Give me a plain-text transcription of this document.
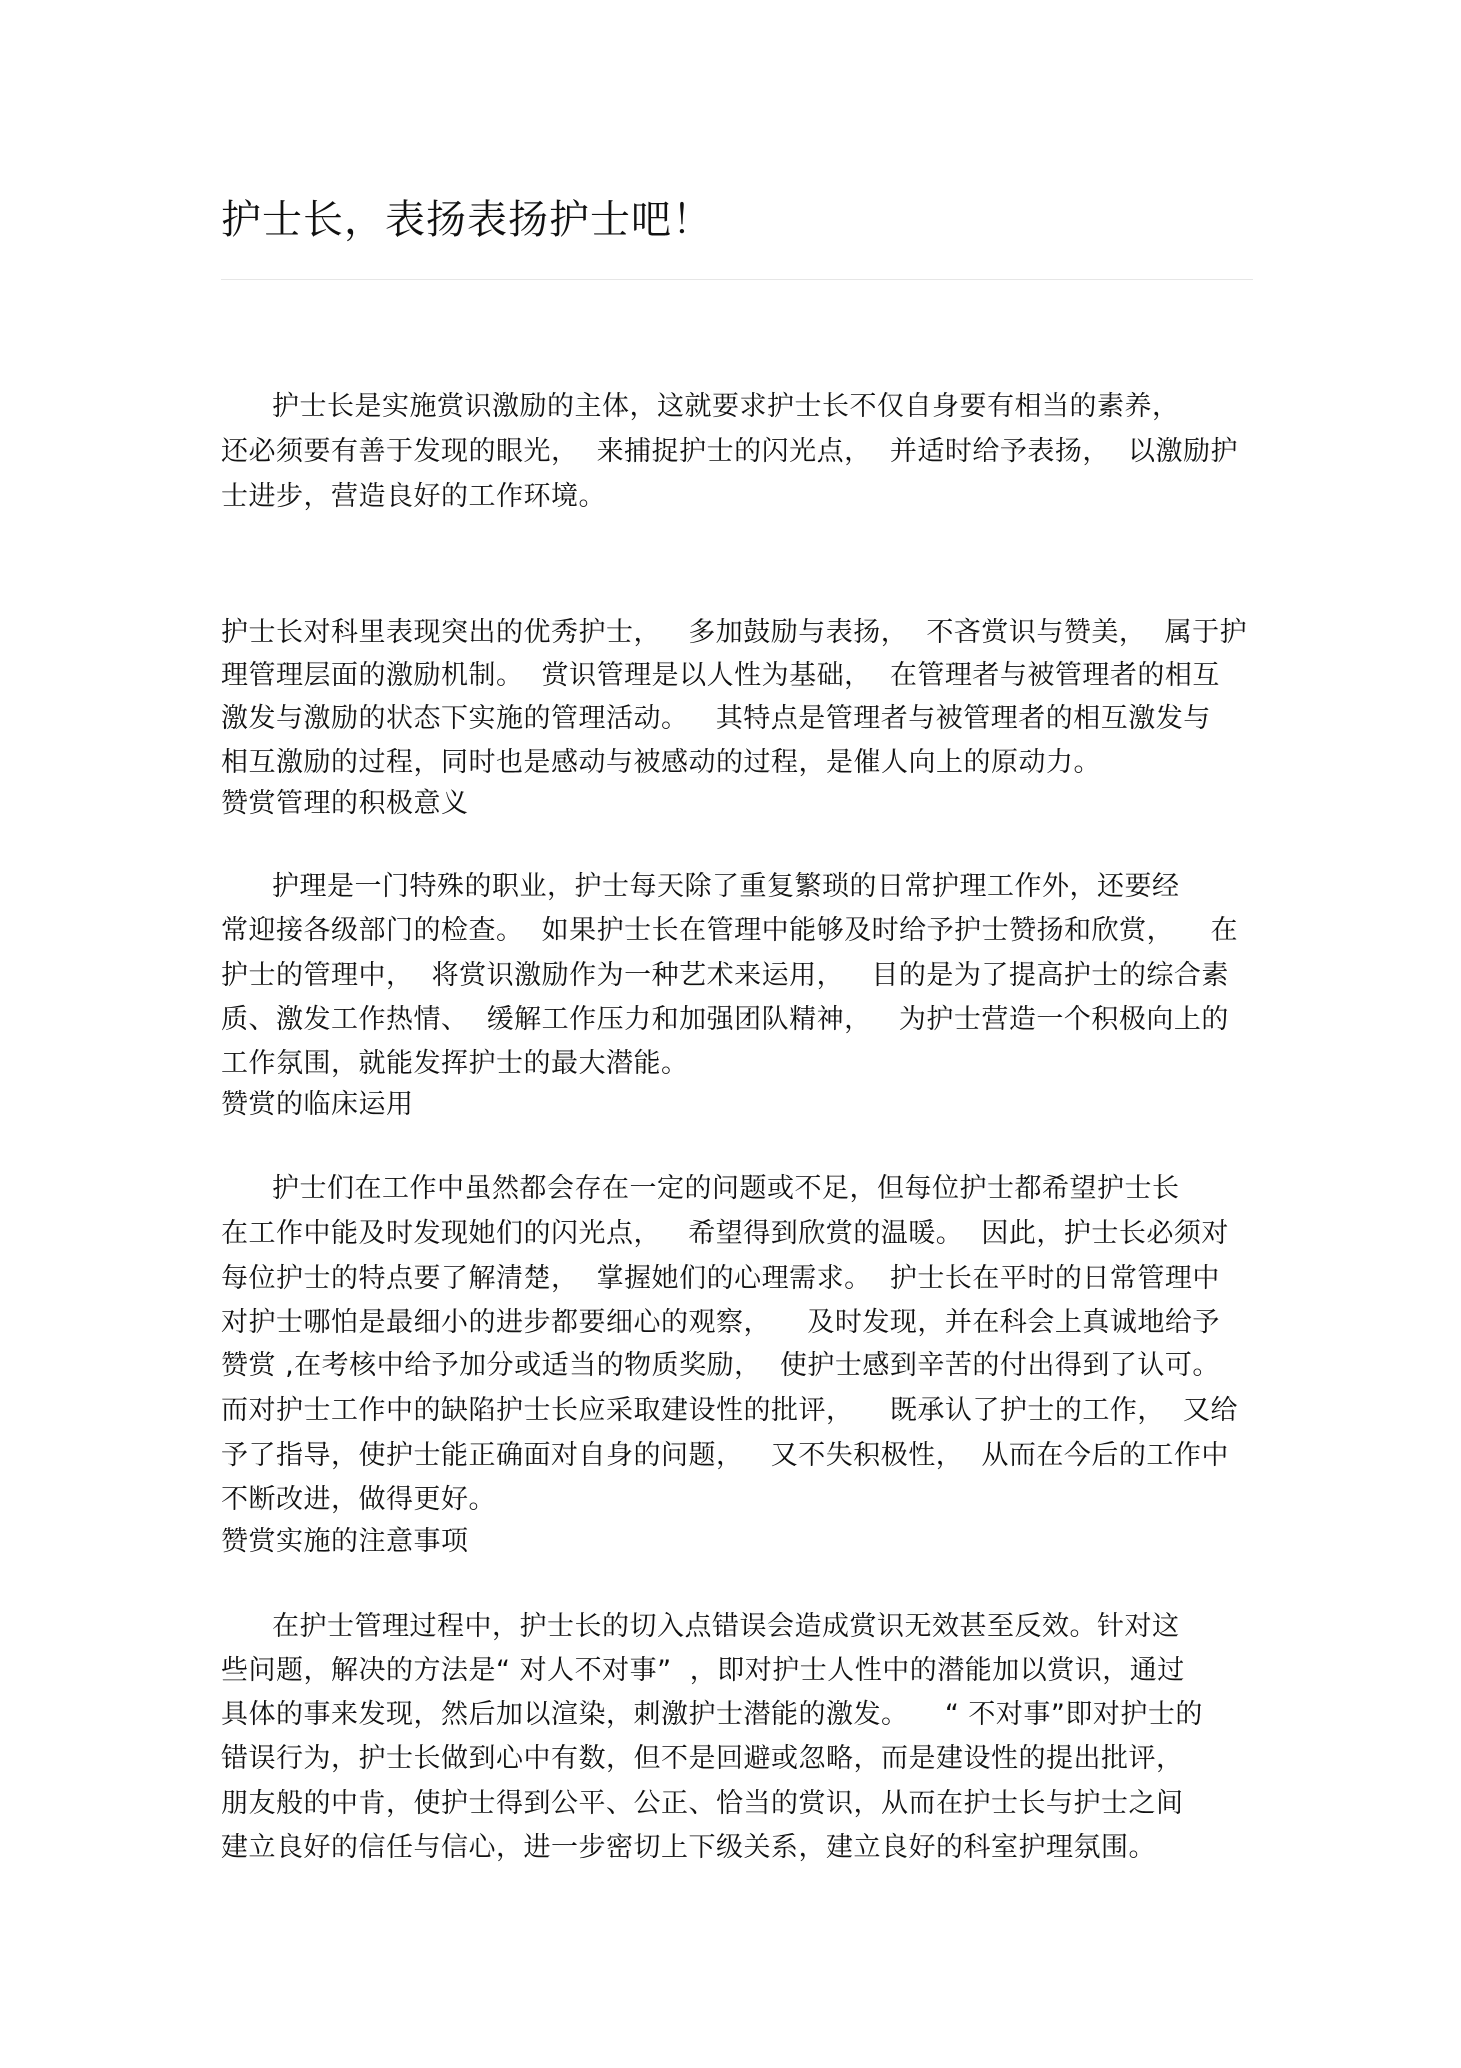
护士长，表扬表扬护士吧！
护士长是实施赏识激励的主体，这就要求护士长不仅自身要有相当的素养，
还必须要有善于发现的眼光，  来捕捉护士的闪光点，  并适时给予表扬，  以激励护
士进步，营造良好的工作环境。
护士长对科里表现突出的优秀护士，   多加鼓励与表扬，  不吝赏识与赞美，  属于护
理管理层面的激励机制。  赏识管理是以人性为基础，  在管理者与被管理者的相互
激发与激励的状态下实施的管理活动。   其特点是管理者与被管理者的相互激发与
相互激励的过程，同时也是感动与被感动的过程，是催人向上的原动力。
赞赏管理的积极意义
护理是一门特殊的职业，护士每天除了重复繁琐的日常护理工作外，还要经
常迎接各级部门的检查。  如果护士长在管理中能够及时给予护士赞扬和欣赏，    在
护士的管理中，  将赏识激励作为一种艺术来运用，   目的是为了提高护士的综合素
质、激发工作热情、  缓解工作压力和加强团队精神，   为护士营造一个积极向上的
工作氛围，就能发挥护士的最大潜能。
赞赏的临床运用
护士们在工作中虽然都会存在一定的问题或不足，但每位护士都希望护士长
在工作中能及时发现她们的闪光点，   希望得到欣赏的温暖。  因此，护士长必须对
每位护士的特点要了解清楚，  掌握她们的心理需求。  护士长在平时的日常管理中
对护士哪怕是最细小的进步都要细心的观察，    及时发现，并在科会上真诚地给予
赞赏 ,在考核中给予加分或适当的物质奖励，  使护士感到辛苦的付出得到了认可。
而对护士工作中的缺陷护士长应采取建设性的批评，    既承认了护士的工作，  又给
予了指导，使护士能正确面对自身的问题，   又不失积极性，  从而在今后的工作中
不断改进，做得更好。
赞赏实施的注意事项
在护士管理过程中，护士长的切入点错误会造成赏识无效甚至反效。针对这
些问题，解决的方法是“ 对人不对事”  ，即对护士人性中的潜能加以赏识，通过
具体的事来发现，然后加以渲染，刺激护士潜能的激发。    “ 不对事”即对护士的
错误行为，护士长做到心中有数，但不是回避或忽略，而是建设性的提出批评，
朋友般的中肯，使护士得到公平、公正、恰当的赏识，从而在护士长与护士之间
建立良好的信任与信心，进一步密切上下级关系，建立良好的科室护理氛围。
